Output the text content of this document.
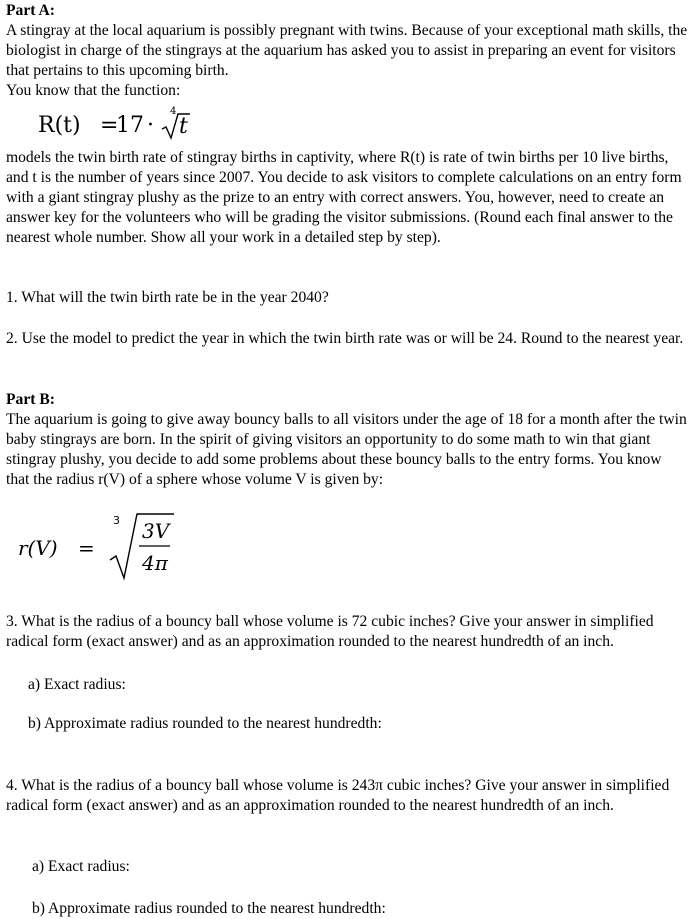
Part A:

A stingray at the local aquarium is possibly pregnant with twins. Because of your exceptional math skills, the biologist in charge of the stingrays at the aquarium has asked you to assist in preparing an event for visitors that pertains to this upcoming birth.

You know that the function:

R(t) =
17 ·
4
t

models the twin birth rate of stingray births in captivity, where R(t) is rate of twin births per 10 live births, and t is the number of years since 2007. You decide to ask visitors to complete calculations on an entry form with a giant stingray plushy as the prize to an entry with correct answers. You, however, need to create an answer key for the volunteers who will be grading the visitor submissions. (Round each final answer to the nearest whole number. Show all your work in a detailed step by step).

1. What will the twin birth rate be in the year 2040?

2. Use the model to predict the year in which the twin birth rate was or will be 24. Round to the nearest year.

Part B:

The aquarium is going to give away bouncy balls to all visitors under the age of 18 for a month after the twin baby stingrays are born. In the spirit of giving visitors an opportunity to do some math to win that giant stingray plushy, you decide to add some problems about these bouncy balls to the entry forms. You know that the radius r(V) of a sphere whose volume V is given by:

r(V) =
3 3V
4π

3. What is the radius of a bouncy ball whose volume is 72 cubic inches? Give your answer in simplified radical form (exact answer) and as an approximation rounded to the nearest hundredth of an inch.

a) Exact radius:

b) Approximate radius rounded to the nearest hundredth:

4. What is the radius of a bouncy ball whose volume is 243π cubic inches? Give your answer in simplified radical form (exact answer) and as an approximation rounded to the nearest hundredth of an inch.

a) Exact radius:

b) Approximate radius rounded to the nearest hundredth:
